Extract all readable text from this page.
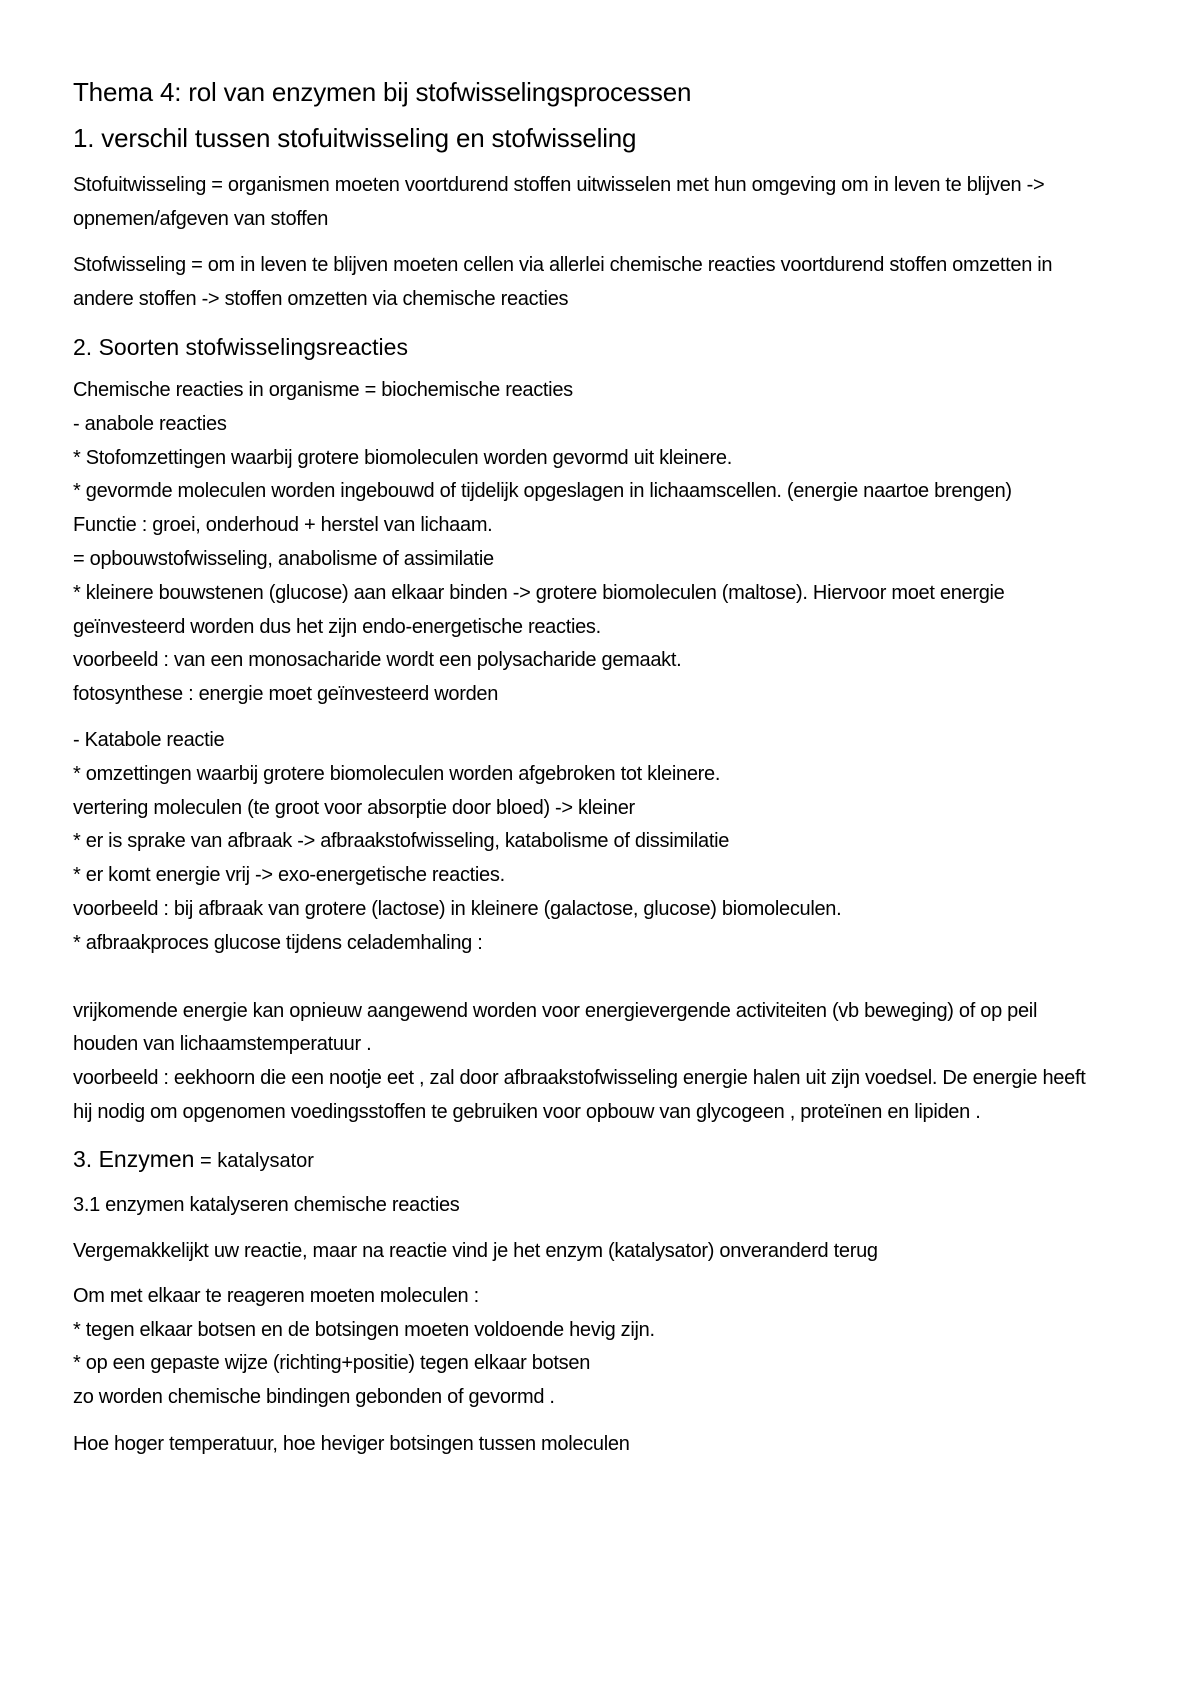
Thema 4: rol van enzymen bij stofwisselingsprocessen
1. verschil tussen stofuitwisseling en stofwisseling
Stofuitwisseling = organismen moeten voortdurend stoffen uitwisselen met hun omgeving om in leven te blijven -> opnemen/afgeven van stoffen
Stofwisseling = om in leven te blijven moeten cellen via allerlei chemische reacties voortdurend stoffen omzetten in andere stoffen -> stoffen omzetten via chemische reacties
2. Soorten stofwisselingsreacties
Chemische reacties in organisme = biochemische reacties
- anabole reacties
* Stofomzettingen waarbij grotere biomoleculen worden gevormd uit kleinere.
* gevormde moleculen worden ingebouwd of tijdelijk opgeslagen in lichaamscellen. (energie naartoe brengen)
Functie : groei, onderhoud + herstel van lichaam.
= opbouwstofwisseling, anabolisme of assimilatie
* kleinere bouwstenen (glucose) aan elkaar binden -> grotere biomoleculen (maltose). Hiervoor moet energie geïnvesteerd worden dus het zijn endo-energetische reacties.
voorbeeld : van een monosacharide wordt een polysacharide gemaakt.
fotosynthese : energie moet geïnvesteerd worden
- Katabole reactie
* omzettingen waarbij grotere biomoleculen worden afgebroken tot kleinere.
vertering moleculen (te groot voor absorptie door bloed) -> kleiner
* er is sprake van afbraak -> afbraakstofwisseling, katabolisme of dissimilatie
* er komt energie vrij -> exo-energetische reacties.
voorbeeld : bij afbraak van grotere (lactose) in kleinere (galactose, glucose) biomoleculen.
* afbraakproces glucose tijdens celademhaling :
vrijkomende energie kan opnieuw aangewend worden voor energievergende activiteiten (vb beweging) of op peil houden van lichaamstemperatuur .
voorbeeld : eekhoorn die een nootje eet , zal door afbraakstofwisseling energie halen uit zijn voedsel. De energie heeft hij nodig om opgenomen voedingsstoffen te gebruiken voor opbouw van glycogeen , proteïnen en lipiden .
3. Enzymen = katalysator
3.1 enzymen katalyseren chemische reacties
Vergemakkelijkt uw reactie, maar na reactie vind je het enzym (katalysator) onveranderd terug
Om met elkaar te reageren moeten moleculen :
* tegen elkaar botsen en de botsingen moeten voldoende hevig zijn.
* op een gepaste wijze (richting+positie) tegen elkaar botsen
zo worden chemische bindingen gebonden of gevormd .
Hoe hoger temperatuur, hoe heviger botsingen tussen moleculen
